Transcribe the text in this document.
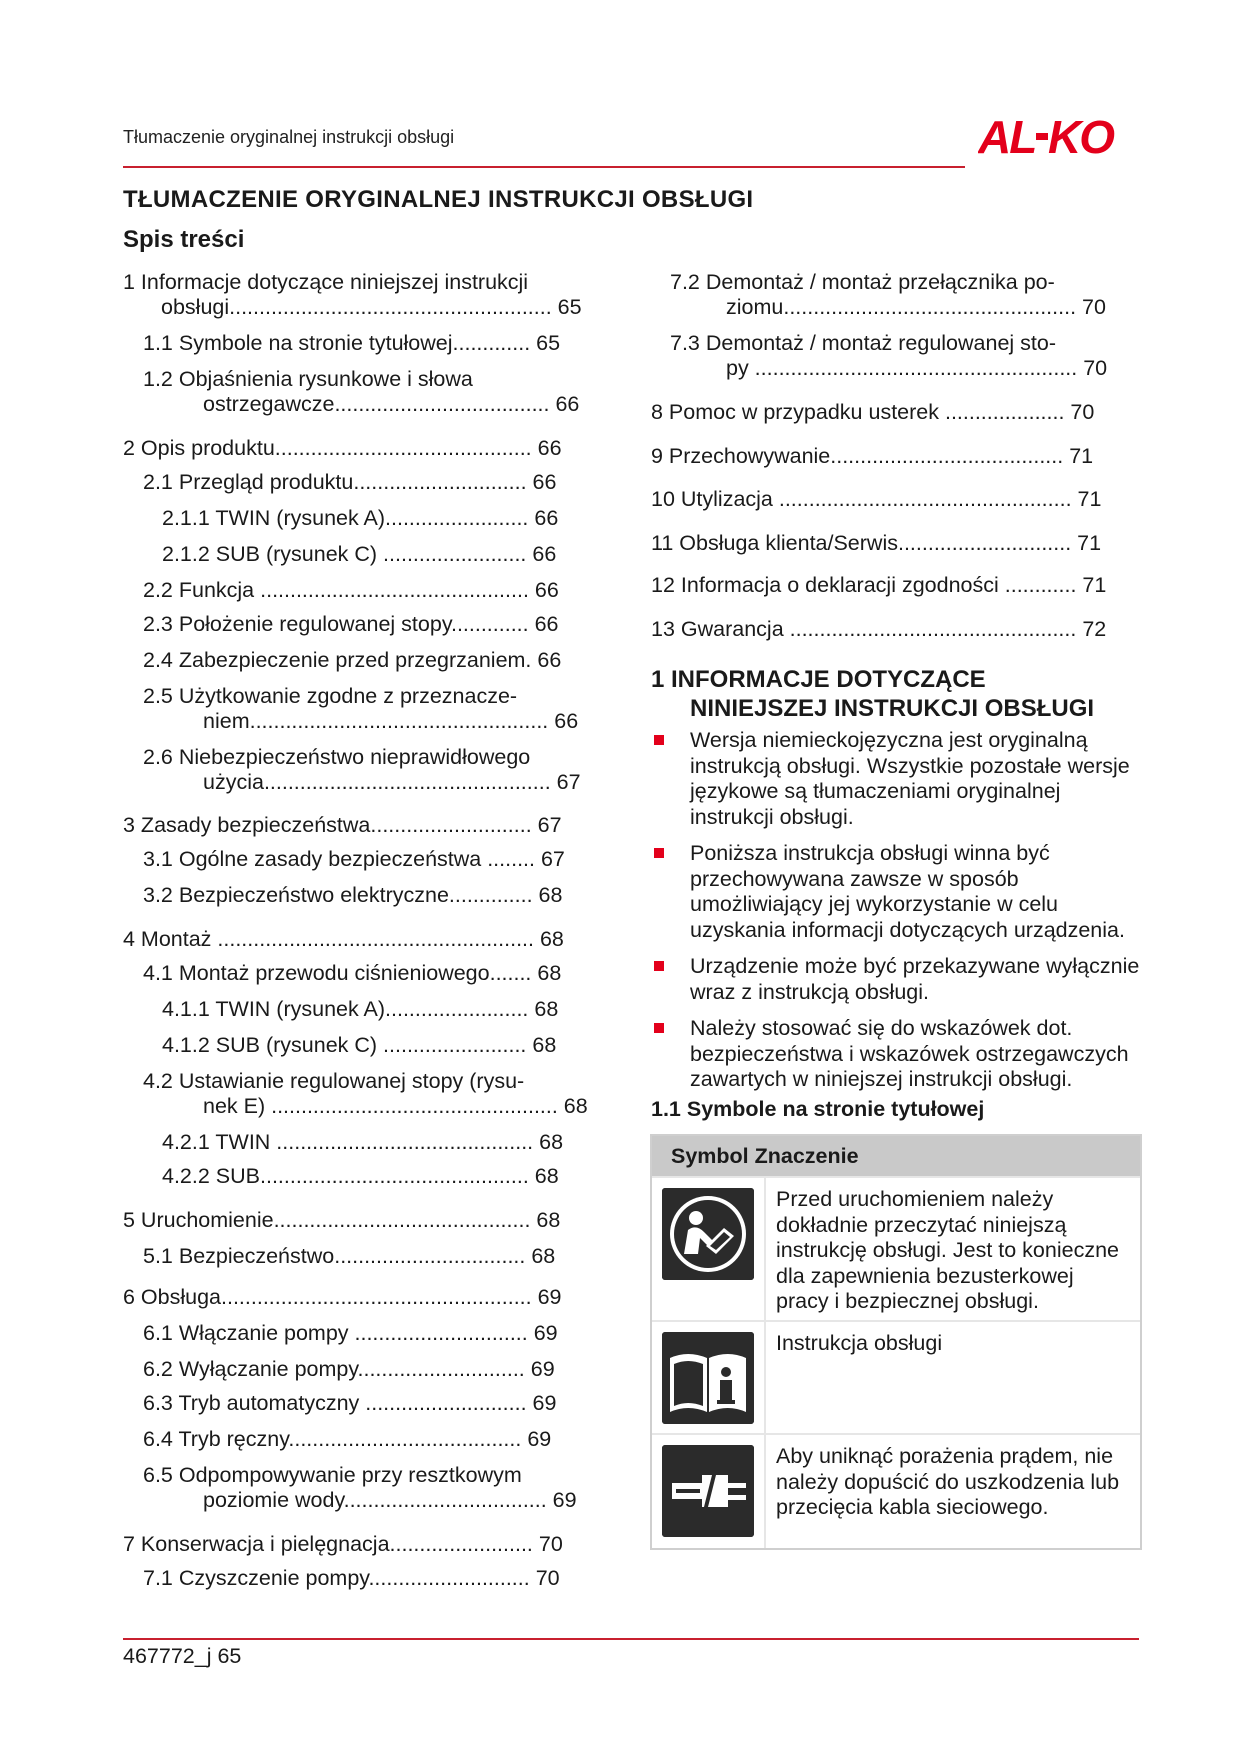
Tłumaczenie oryginalnej instrukcji obsługi	AL KO
TŁUMACZENIE ORYGINALNEJ INSTRUKCJI OBSŁUGI
Spis treści
1 Informacje dotyczące niniejszej instrukcji
obsługi...................................................... 65
1.1 Symbole na stronie tytułowej............. 65
1.2 Objaśnienia rysunkowe i słowa
ostrzegawcze.................................... 66
2 Opis produktu........................................... 66
2.1 Przegląd produktu............................. 66
2.1.1 TWIN (rysunek A)........................ 66
2.1.2 SUB (rysunek C) ........................ 66
2.2 Funkcja ............................................. 66
2.3 Położenie regulowanej stopy............. 66
2.4 Zabezpieczenie przed przegrzaniem. 66
2.5 Użytkowanie zgodne z przeznacze-
niem.................................................. 66
2.6 Niebezpieczeństwo nieprawidłowego
użycia................................................ 67
3 Zasady bezpieczeństwa........................... 67
3.1 Ogólne zasady bezpieczeństwa ........ 67
3.2 Bezpieczeństwo elektryczne.............. 68
4 Montaż ..................................................... 68
4.1 Montaż przewodu ciśnieniowego....... 68
4.1.1 TWIN (rysunek A)........................ 68
4.1.2 SUB (rysunek C) ........................ 68
4.2 Ustawianie regulowanej stopy (rysu-
nek E) ................................................ 68
4.2.1 TWIN ........................................... 68
4.2.2 SUB............................................. 68
5 Uruchomienie........................................... 68
5.1 Bezpieczeństwo................................ 68
6 Obsługa.................................................... 69
6.1 Włączanie pompy ............................. 69
6.2 Wyłączanie pompy............................ 69
6.3 Tryb automatyczny ........................... 69
6.4 Tryb ręczny....................................... 69
6.5 Odpompowywanie przy resztkowym
poziomie wody.................................. 69
7 Konserwacja i pielęgnacja........................ 70
7.1 Czyszczenie pompy........................... 70
7.2 Demontaż / montaż przełącznika po-
ziomu................................................. 70
7.3 Demontaż / montaż regulowanej sto-
py ...................................................... 70
8 Pomoc w przypadku usterek .................... 70
9 Przechowywanie....................................... 71
10 Utylizacja ................................................. 71
11 Obsługa klienta/Serwis............................. 71
12 Informacja o deklaracji zgodności ............ 71
13 Gwarancja ................................................ 72
1 INFORMACJE DOTYCZĄCE
NINIEJSZEJ INSTRUKCJI OBSŁUGI
Wersja niemieckojęzyczna jest oryginalną instrukcją obsługi. Wszystkie pozostałe wersje językowe są tłumaczeniami oryginalnej instrukcji obsługi.
Poniższa instrukcja obsługi winna być przechowywana zawsze w sposób umożliwiający jej wykorzystanie w celu uzyskania informacji dotyczących urządzenia.
Urządzenie może być przekazywane wyłącznie wraz z instrukcją obsługi.
Należy stosować się do wskazówek dot. bezpieczeństwa i wskazówek ostrzegawczych zawartych w niniejszej instrukcji obsługi.
1.1 Symbole na stronie tytułowej
Symbol Znaczenie
Przed uruchomieniem należy dokładnie przeczytać niniejszą instrukcję obsługi. Jest to konieczne dla zapewnienia bezusterkowej pracy i bezpiecznej obsługi.
Instrukcja obsługi
Aby uniknąć porażenia prądem, nie należy dopuścić do uszkodzenia lub przecięcia kabla sieciowego.
467772_j 65
